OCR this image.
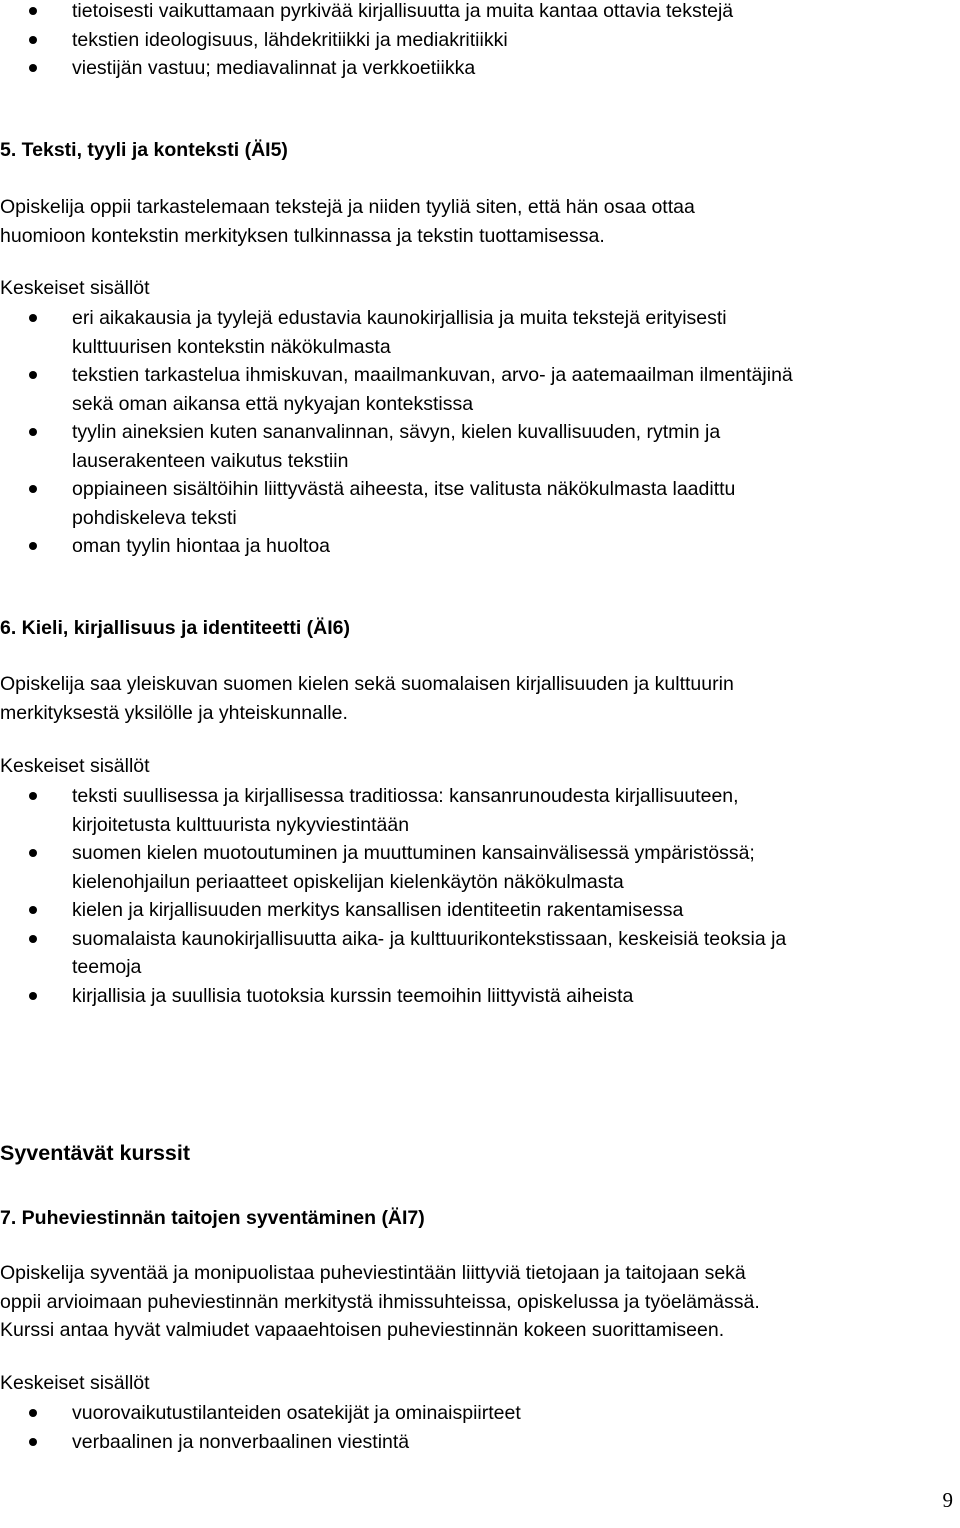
tietoisesti vaikuttamaan pyrkivää kirjallisuutta ja muita kantaa ottavia tekstejä
tekstien ideologisuus, lähdekritiikki ja mediakritiikki
viestijän vastuu; mediavalinnat ja verkkoetiikka
5. Teksti, tyyli ja konteksti (ÄI5)
Opiskelija oppii tarkastelemaan tekstejä ja niiden tyyliä siten, että hän osaa ottaa
huomioon kontekstin merkityksen tulkinnassa ja tekstin tuottamisessa.
Keskeiset sisällöt
eri aikakausia ja tyylejä edustavia kaunokirjallisia ja muita tekstejä erityisesti
kulttuurisen kontekstin näkökulmasta
tekstien tarkastelua ihmiskuvan, maailmankuvan, arvo- ja aatemaailman ilmentäjinä
sekä oman aikansa että nykyajan kontekstissa
tyylin aineksien kuten sananvalinnan, sävyn, kielen kuvallisuuden, rytmin ja
lauserakenteen vaikutus tekstiin
oppiaineen sisältöihin liittyvästä aiheesta, itse valitusta näkökulmasta laadittu
pohdiskeleva teksti
oman tyylin hiontaa ja huoltoa
6. Kieli, kirjallisuus ja identiteetti (ÄI6)
Opiskelija saa yleiskuvan suomen kielen sekä suomalaisen kirjallisuuden ja kulttuurin
merkityksestä yksilölle ja yhteiskunnalle.
Keskeiset sisällöt
teksti suullisessa ja kirjallisessa traditiossa: kansanrunoudesta kirjallisuuteen,
kirjoitetusta kulttuurista nykyviestintään
suomen kielen muotoutuminen ja muuttuminen kansainvälisessä ympäristössä;
kielenohjailun periaatteet opiskelijan kielenkäytön näkökulmasta
kielen ja kirjallisuuden merkitys kansallisen identiteetin rakentamisessa
suomalaista kaunokirjallisuutta aika- ja kulttuurikontekstissaan, keskeisiä teoksia ja
teemoja
kirjallisia ja suullisia tuotoksia kurssin teemoihin liittyvistä aiheista
Syventävät kurssit
7. Puheviestinnän taitojen syventäminen (ÄI7)
Opiskelija syventää ja monipuolistaa puheviestintään liittyviä tietojaan ja taitojaan sekä
oppii arvioimaan puheviestinnän merkitystä ihmissuhteissa, opiskelussa ja työelämässä.
Kurssi antaa hyvät valmiudet vapaaehtoisen puheviestinnän kokeen suorittamiseen.
Keskeiset sisällöt
vuorovaikutustilanteiden osatekijät ja ominaispiirteet
verbaalinen ja nonverbaalinen viestintä
9
